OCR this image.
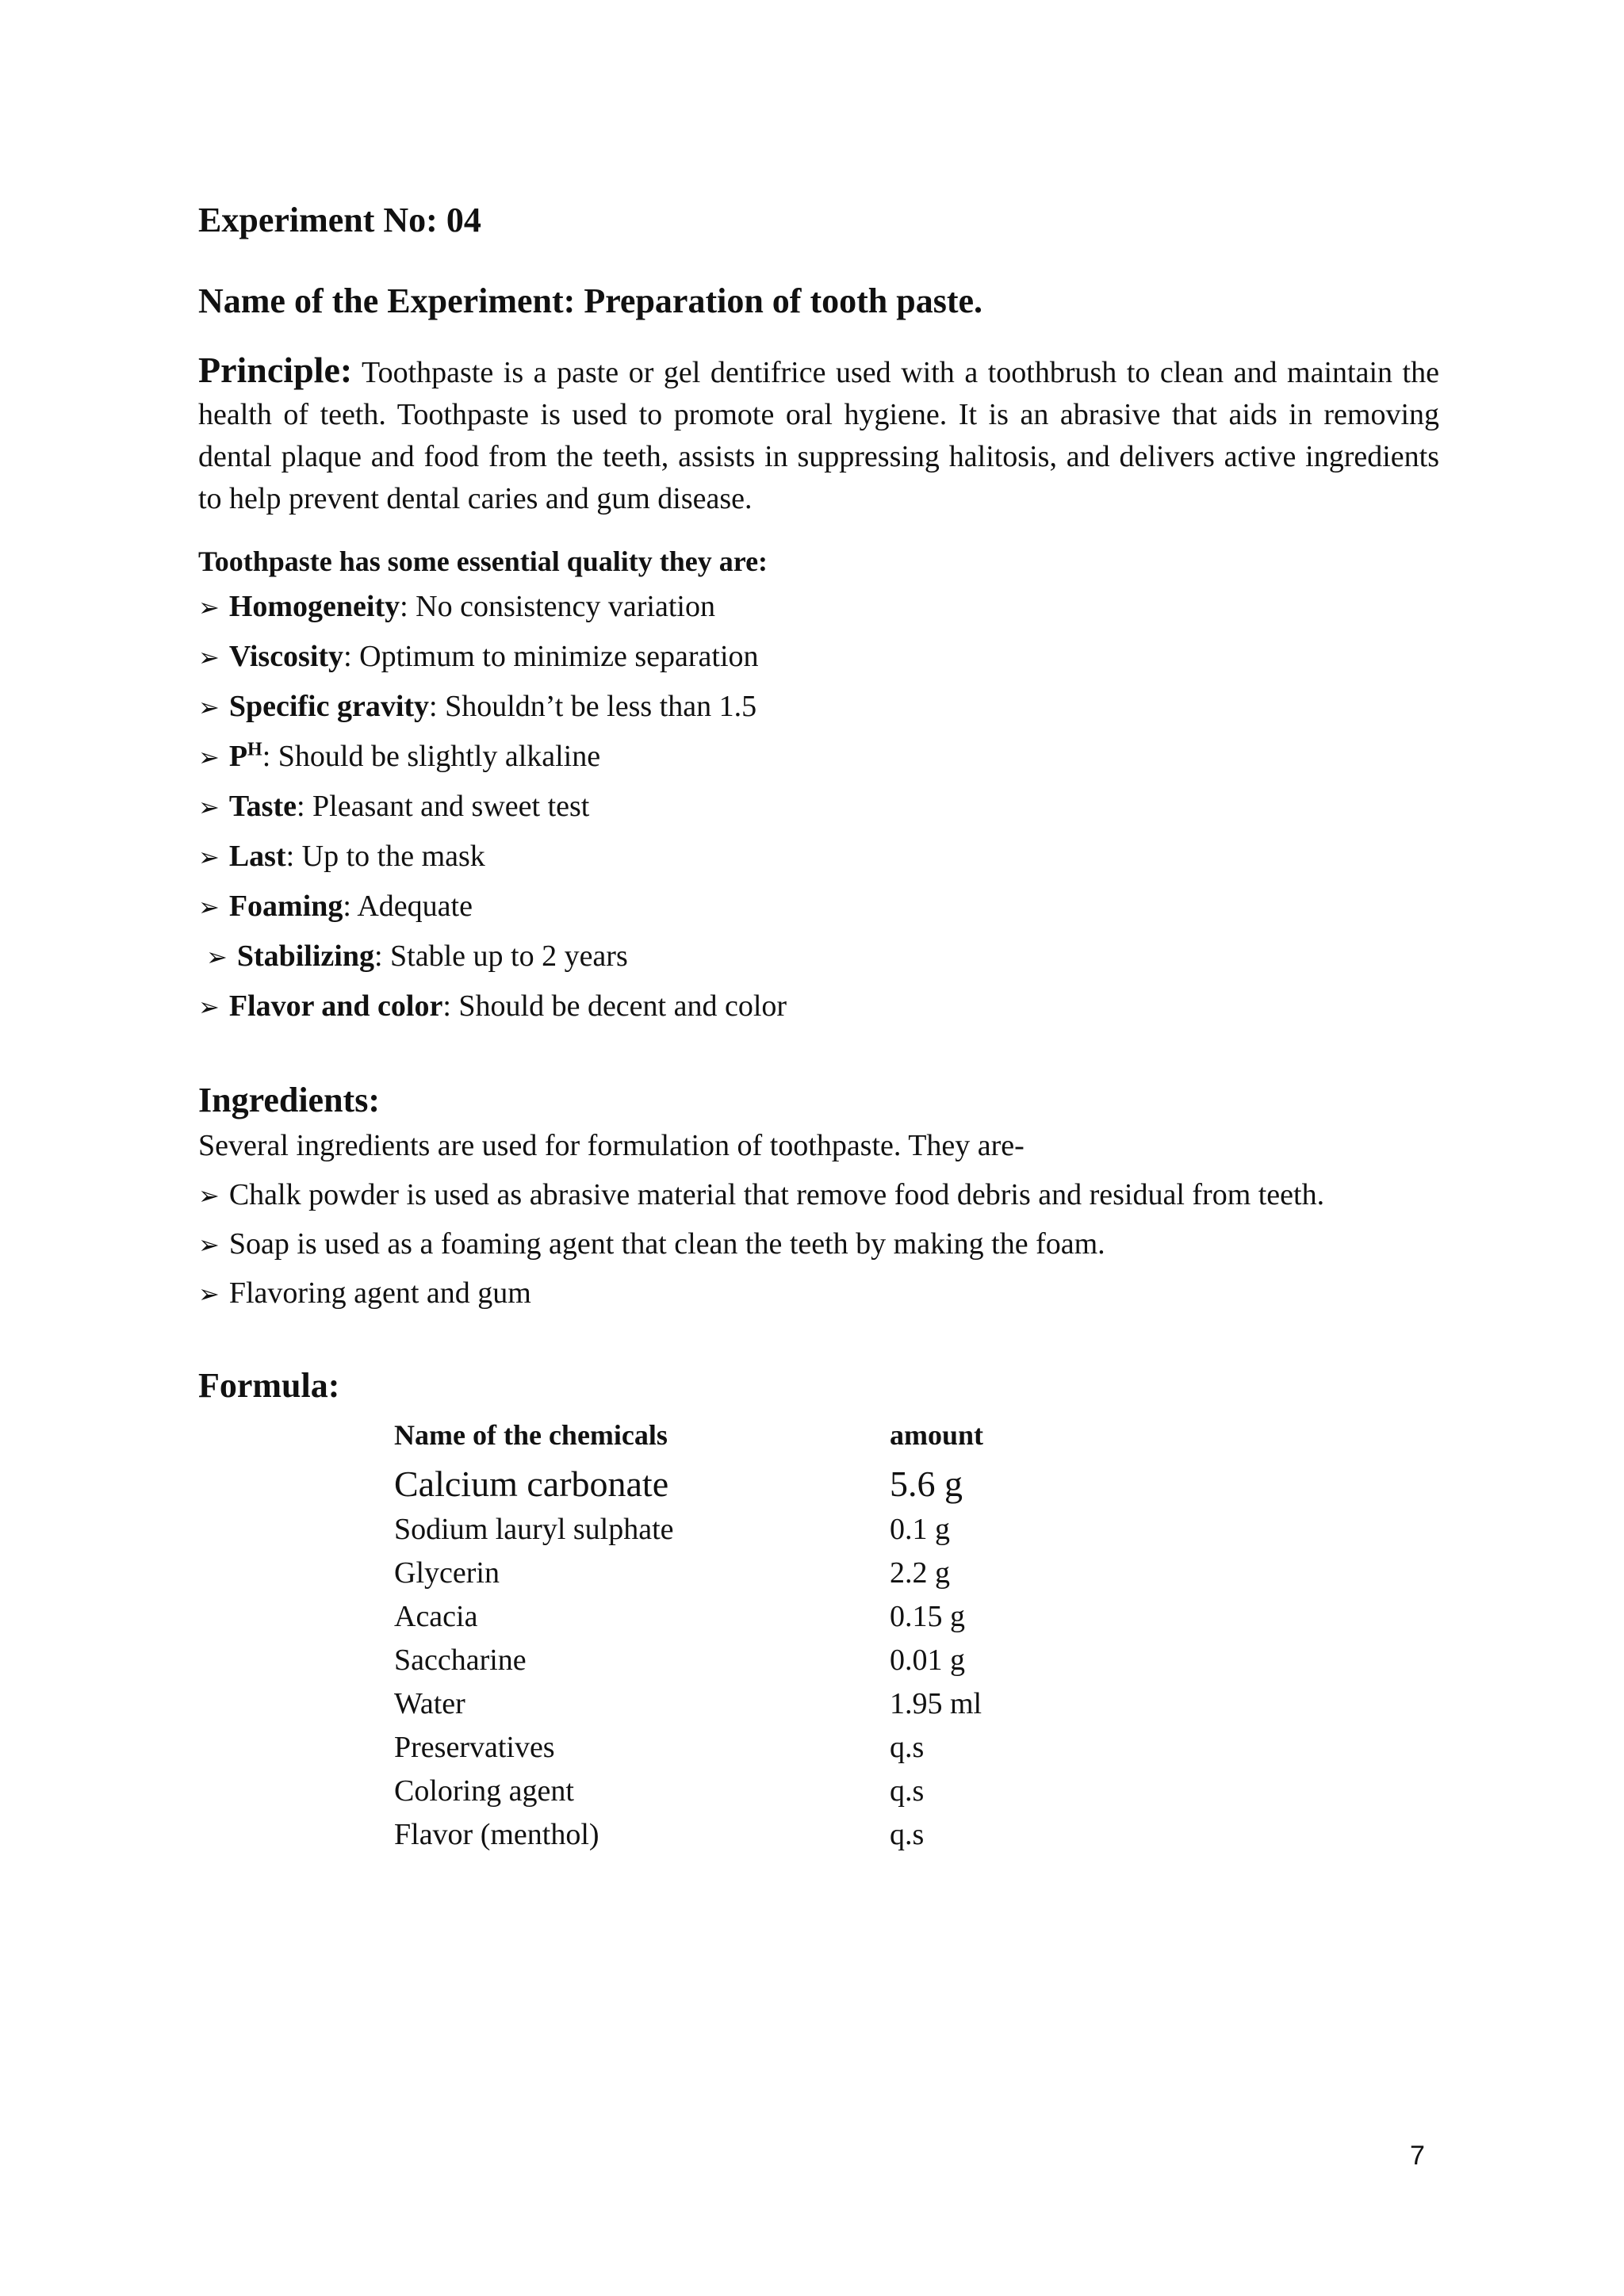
Experiment No: 04
Name of the Experiment: Preparation of tooth paste.

Principle: Toothpaste is a paste or gel dentifrice used with a toothbrush to clean and maintain the health of teeth. Toothpaste is used to promote oral hygiene. It is an abrasive that aids in removing dental plaque and food from the teeth, assists in suppressing halitosis, and delivers active ingredients to help prevent dental caries and gum disease.

Toothpaste has some essential quality they are:

➢ Homogeneity: No consistency variation
➢ Viscosity: Optimum to minimize separation
➢ Specific gravity: Shouldn’t be less than 1.5
➢ $P^H$: Should be slightly alkaline
➢ Taste: Pleasant and sweet test
➢ Last: Up to the mask
➢ Foaming: Adequate
➢ Stabilizing: Stable up to 2 years
➢ Flavor and color: Should be decent and color
Ingredients:

Several ingredients are used for formulation of toothpaste. They are-

➢ Chalk powder is used as abrasive material that remove food debris and residual from teeth.
➢ Soap is used as a foaming agent that clean the teeth by making the foam.
➢ Flavoring agent and gum
Formula:
Name of the chemicals	amount
Calcium carbonate	5.6 g
Sodium lauryl sulphate	0.1 g
Glycerin	2.2 g
Acacia	0.15 g
Saccharine	0.01 g
Water	1.95 ml
Preservatives	q.s
Coloring agent	q.s
Flavor (menthol)	q.s

7
